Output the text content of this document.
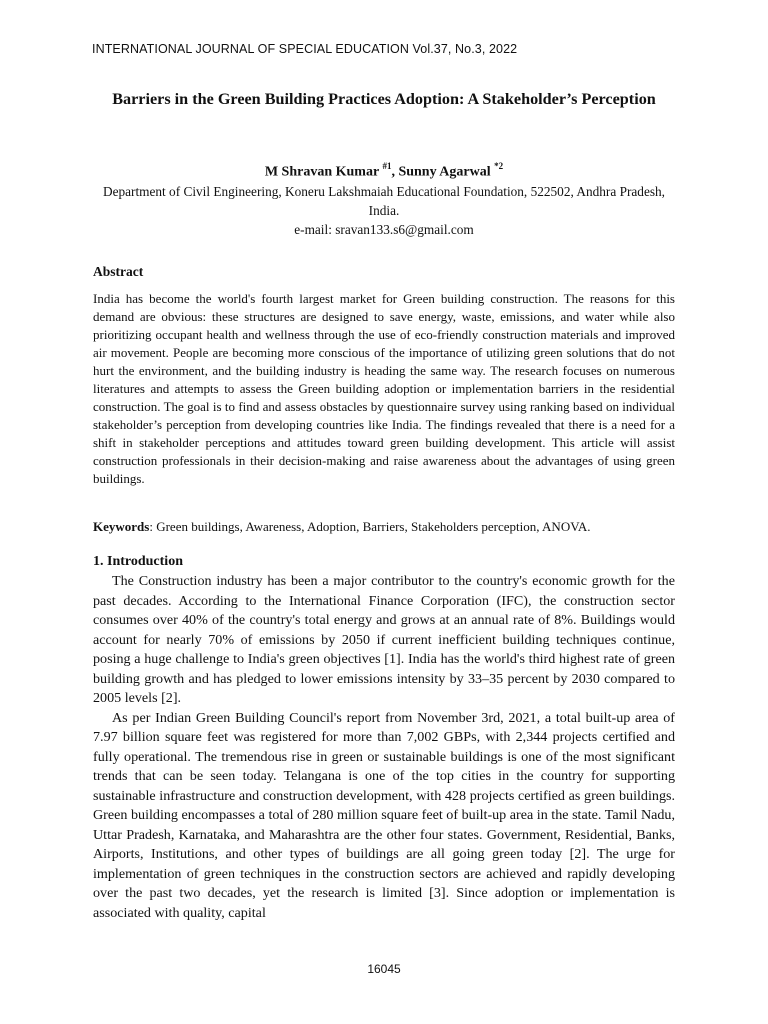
INTERNATIONAL JOURNAL OF SPECIAL EDUCATION Vol.37, No.3, 2022
Barriers in the Green Building Practices Adoption: A Stakeholder’s Perception
M Shravan Kumar $^{\#1}$, Sunny Agarwal $^{*2}$
Department of Civil Engineering, Koneru Lakshmaiah Educational Foundation, 522502, Andhra Pradesh, India.
e-mail: sravan133.s6@gmail.com
Abstract
India has become the world's fourth largest market for Green building construction. The reasons for this demand are obvious: these structures are designed to save energy, waste, emissions, and water while also prioritizing occupant health and wellness through the use of eco-friendly construction materials and improved air movement. People are becoming more conscious of the importance of utilizing green solutions that do not hurt the environment, and the building industry is heading the same way. The research focuses on numerous literatures and attempts to assess the Green building adoption or implementation barriers in the residential construction. The goal is to find and assess obstacles by questionnaire survey using ranking based on individual stakeholder’s perception from developing countries like India. The findings revealed that there is a need for a shift in stakeholder perceptions and attitudes toward green building development. This article will assist construction professionals in their decision-making and raise awareness about the advantages of using green buildings.
Keywords: Green buildings, Awareness, Adoption, Barriers, Stakeholders perception, ANOVA.
1. Introduction

The Construction industry has been a major contributor to the country's economic growth for the past decades. According to the International Finance Corporation (IFC), the construction sector consumes over 40% of the country's total energy and grows at an annual rate of 8%. Buildings would account for nearly 70% of emissions by 2050 if current inefficient building techniques continue, posing a huge challenge to India's green objectives [1]. India has the world's third highest rate of green building growth and has pledged to lower emissions intensity by 33–35 percent by 2030 compared to 2005 levels [2].

As per Indian Green Building Council's report from November 3rd, 2021, a total built-up area of 7.97 billion square feet was registered for more than 7,002 GBPs, with 2,344 projects certified and fully operational. The tremendous rise in green or sustainable buildings is one of the most significant trends that can be seen today. Telangana is one of the top cities in the country for supporting sustainable infrastructure and construction development, with 428 projects certified as green buildings. Green building encompasses a total of 280 million square feet of built-up area in the state. Tamil Nadu, Uttar Pradesh, Karnataka, and Maharashtra are the other four states. Government, Residential, Banks, Airports, Institutions, and other types of buildings are all going green today [2]. The urge for implementation of green techniques in the construction sectors are achieved and rapidly developing over the past two decades, yet the research is limited [3]. Since adoption or implementation is associated with quality, capital

16045
